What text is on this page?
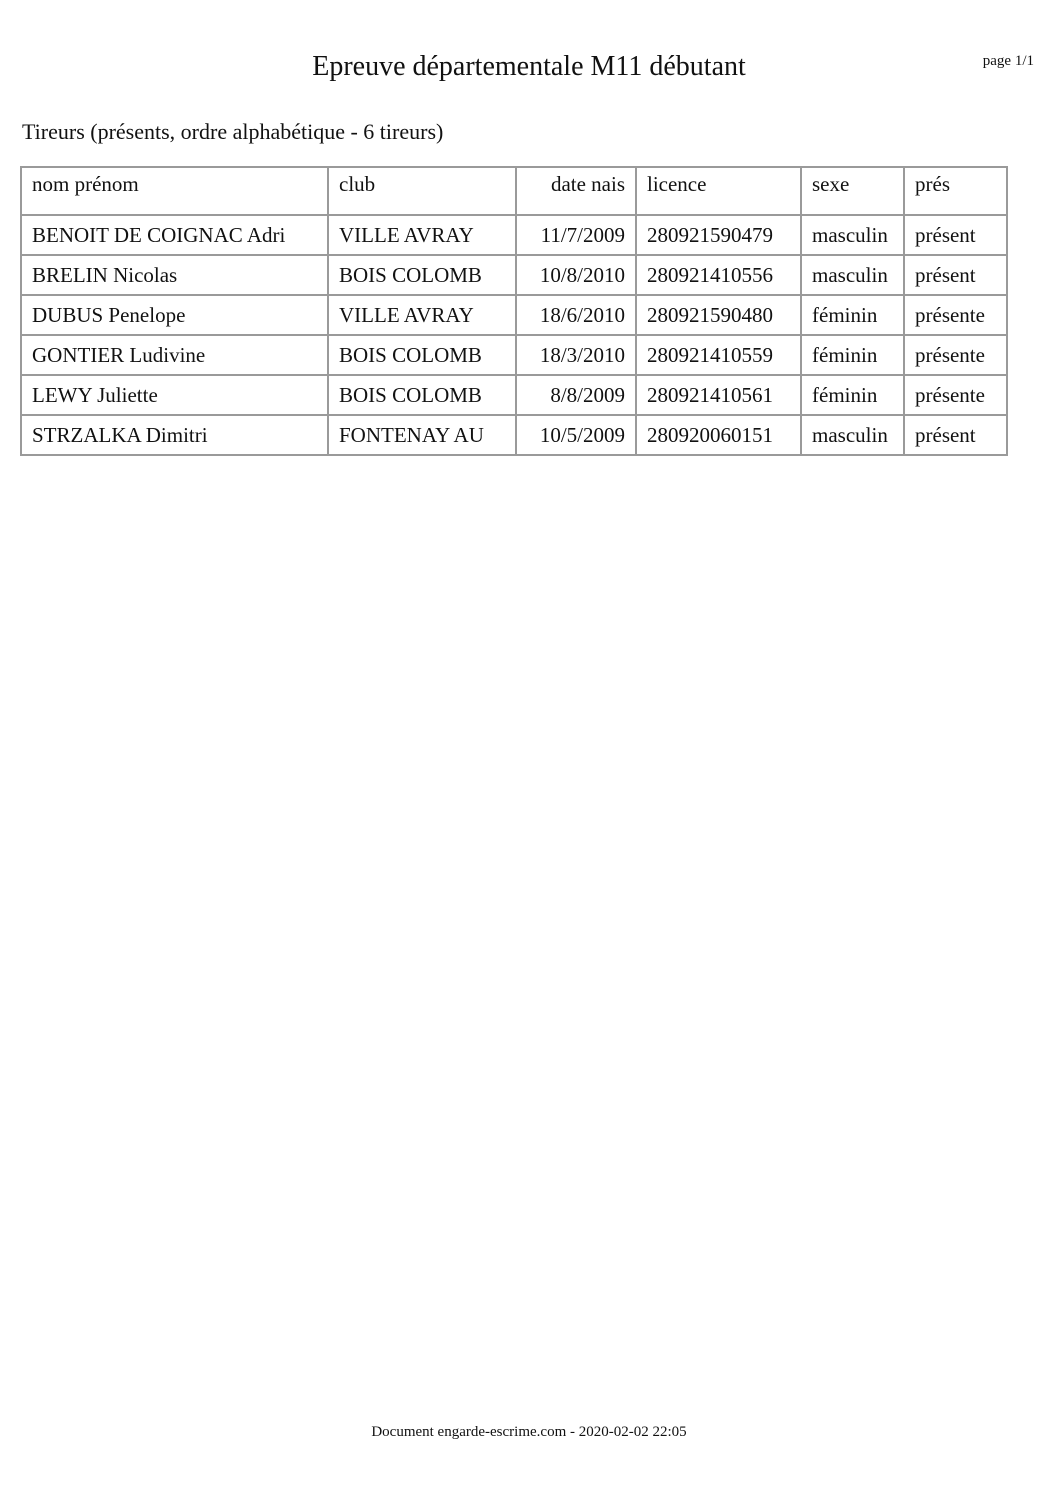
Epreuve départementale M11 débutant	page 1/1
Tireurs (présents, ordre alphabétique - 6 tireurs)
nom prénom	club	date nais	licence	sexe	prés
BENOIT DE COIGNAC Adri	VILLE AVRAY	11/7/2009	280921590479	masculin	présent
BRELIN Nicolas	BOIS COLOMB	10/8/2010	280921410556	masculin	présent
DUBUS Penelope	VILLE AVRAY	18/6/2010	280921590480	féminin	présente
GONTIER Ludivine	BOIS COLOMB	18/3/2010	280921410559	féminin	présente
LEWY Juliette	BOIS COLOMB	8/8/2009	280921410561	féminin	présente
STRZALKA Dimitri	FONTENAY AU	10/5/2009	280920060151	masculin	présent
Document engarde-escrime.com - 2020-02-02 22:05
